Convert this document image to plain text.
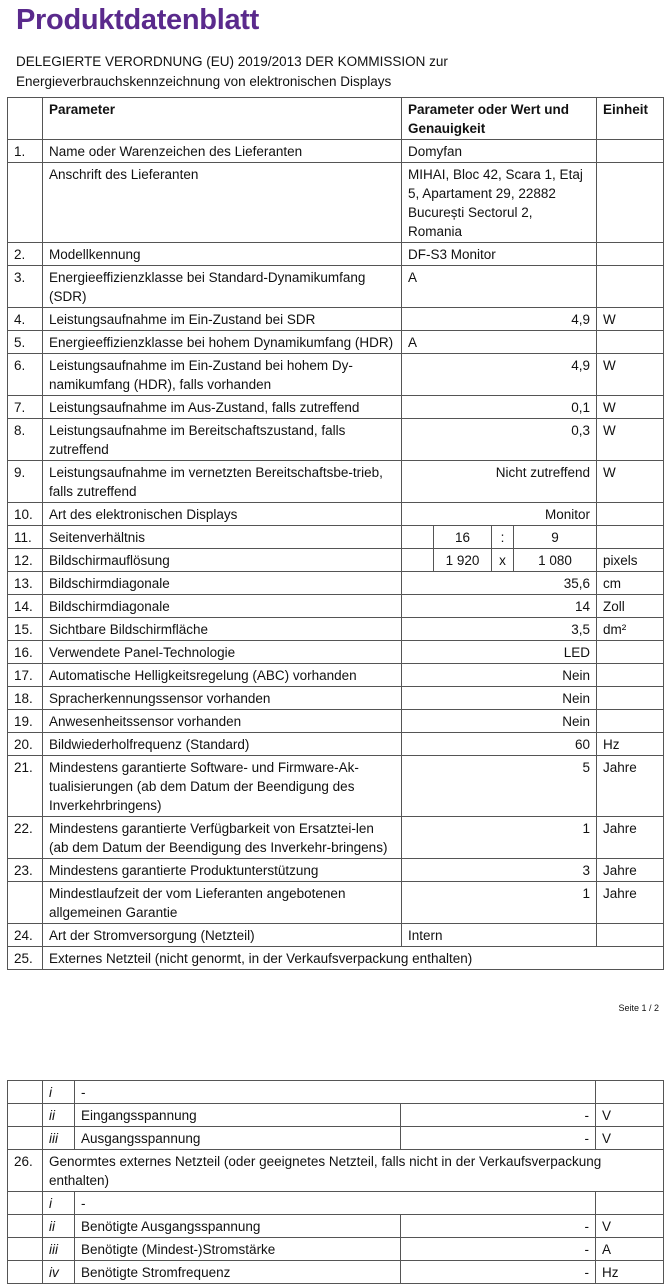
Produktdatenblatt
DELEGIERTE VERORDNUNG (EU) 2019/2013 DER KOMMISSION zur
Energieverbrauchskennzeichnung von elektronischen Displays
	Parameter	Parameter oder Wert und Genauigkeit				Einheit
1.	Name oder Warenzeichen des Lieferanten	Domyfan				
	Anschrift des Lieferanten	MIHAI, Bloc 42, Scara 1, Etaj 5, Apartament 29, 22882 București Sectorul 2, Romania				
2.	Modellkennung	DF-S3 Monitor				
3.	Energieeffizienzklasse bei Standard-Dynamikumfang (SDR)	A				
4.	Leistungsaufnahme im Ein-Zustand bei SDR	4,9				W
5.	Energieeffizienzklasse bei hohem Dynamikumfang (HDR)	A				
6.	Leistungsaufnahme im Ein-Zustand bei hohem Dy-namikumfang (HDR), falls vorhanden	4,9				W
7.	Leistungsaufnahme im Aus-Zustand, falls zutreffend	0,1				W
8.	Leistungsaufnahme im Bereitschaftszustand, falls zutreffend	0,3				W
9.	Leistungsaufnahme im vernetzten Bereitschaftsbe-trieb, falls zutreffend	Nicht zutreffend				W
10.	Art des elektronischen Displays	Monitor				
11.	Seitenverhältnis		16	:	9	
12.	Bildschirmauflösung		1 920	x	1 080	pixels
13.	Bildschirmdiagonale	35,6				cm
14.	Bildschirmdiagonale	14				Zoll
15.	Sichtbare Bildschirmfläche	3,5				dm²
16.	Verwendete Panel-Technologie	LED				
17.	Automatische Helligkeitsregelung (ABC) vorhanden	Nein				
18.	Spracherkennungssensor vorhanden	Nein				
19.	Anwesenheitssensor vorhanden	Nein				
20.	Bildwiederholfrequenz (Standard)	60				Hz
21.	Mindestens garantierte Software- und Firmware-Ak-tualisierungen (ab dem Datum der Beendigung des Inverkehrbringens)	5				Jahre
22.	Mindestens garantierte Verfügbarkeit von Ersatztei-len (ab dem Datum der Beendigung des Inverkehr-bringens)	1				Jahre
23.	Mindestens garantierte Produktunterstützung	3				Jahre
	Mindestlaufzeit der vom Lieferanten angebotenen allgemeinen Garantie	1				Jahre
24.	Art der Stromversorgung (Netzteil)	Intern				
25.	Externes Netzteil (nicht genormt, in der Verkaufsverpackung enthalten)					
Seite 1 / 2
	i	-		
	ii	Eingangsspannung	-	V
	iii	Ausgangsspannung	-	V
26.	Genormtes externes Netzteil (oder geeignetes Netzteil, falls nicht in der Verkaufsverpackung enthalten)			
	i	-		
	ii	Benötigte Ausgangsspannung	-	V
	iii	Benötigte (Mindest-)Stromstärke	-	A
	iv	Benötigte Stromfrequenz	-	Hz
